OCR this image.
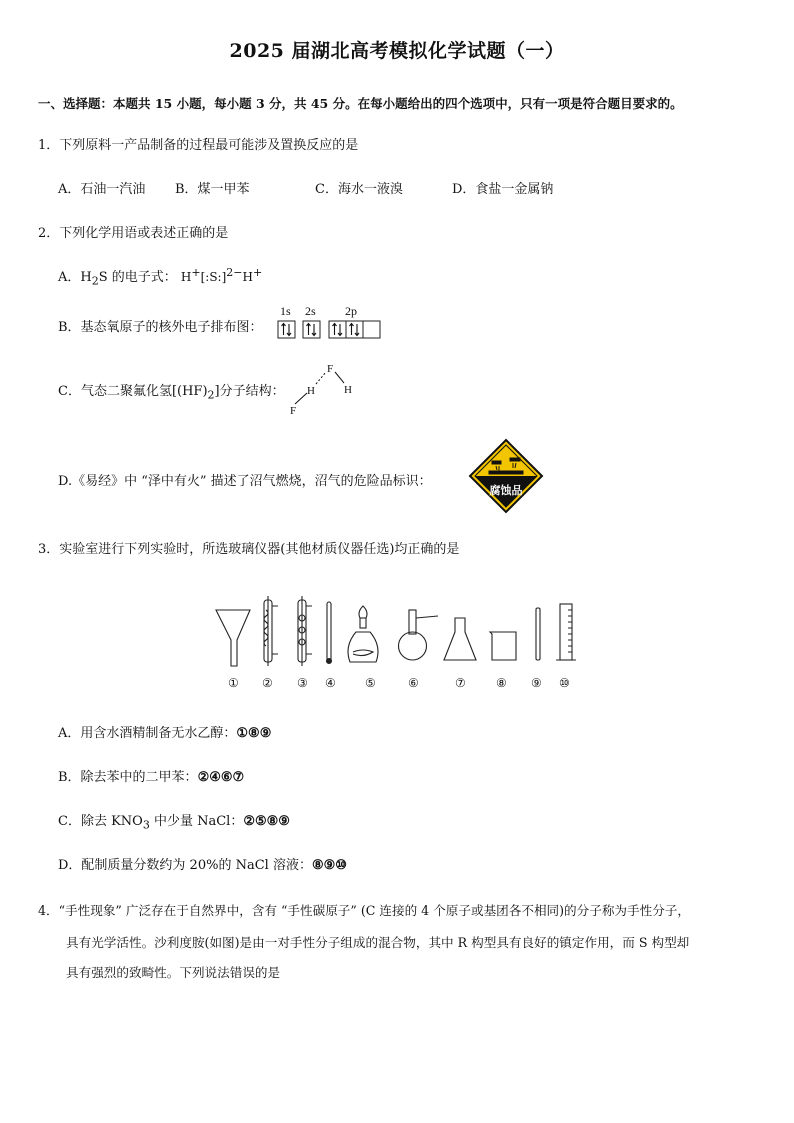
2025 届湖北高考模拟化学试题（一）
一、选择题：本题共 15 小题，每小题 3 分，共 45 分。在每小题给出的四个选项中，只有一项是符合题目要求的。
1．下列原料一产品制备的过程最可能涉及置换反应的是
A．石油一汽油 B．煤一甲苯	C．海水一液溴	D．食盐一金属钠
2．下列化学用语或表述正确的是
A．$H_2S$ 的电子式： H+[:S:]$^{2-}$H+
B．基态氧原子的核外电子排布图：
1s 2s 2p
C．气态二聚氟化氢$[(HF)_2]$分子结构：
F
H	H
F
D.《易经》中 “泽中有火” 描述了沼气燃烧，沼气的危险品标识：
腐蚀品
3．实验室进行下列实验时，所选玻璃仪器(其他材质仪器任选)均正确的是
① ② ③ ④ ⑤	⑥	⑦	⑧ ⑨ ⑩
A．用含水酒精制备无水乙醇：①⑧⑨
B．除去苯中的二甲苯：②④⑥⑦
C．除去 $KNO_3$ 中少量 NaCl：②⑤⑧⑨
D．配制质量分数约为 20%的 NaCl 溶液：⑧⑨⑩
4．“手性现象” 广泛存在于自然界中，含有 “手性碳原子” (C 连接的 4 个原子或基团各不相同)的分子称为手性分子，
具有光学活性。沙利度胺(如图)是由一对手性分子组成的混合物，其中 R 构型具有良好的镇定作用，而 S 构型却
具有强烈的致畸性。下列说法错误的是
